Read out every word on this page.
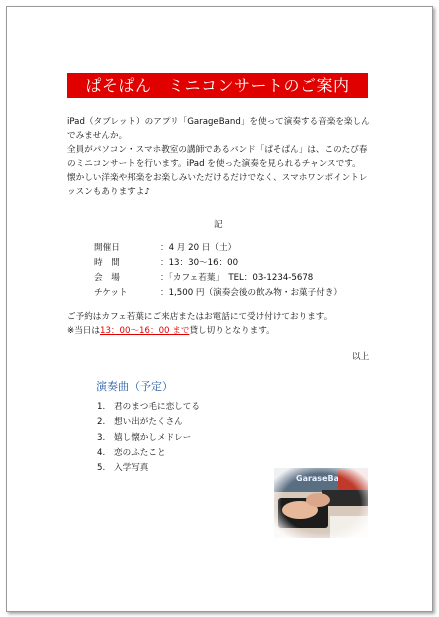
ぱそぱん　ミニコンサートのご案内

iPad（タブレット）のアプリ「GarageBand」を使って演奏する音楽を楽しんでみませんか。

全員がパソコン・スマホ教室の講師であるバンド「ぱそぱん」は、このたび春のミニコンサートを行います。iPad を使った演奏を見られるチャンスです。

懐かしい洋楽や邦楽をお楽しみいただけるだけでなく、スマホワンポイントレッスンもありますよ♪

記
開催日	：4 月 20 日（土）
時　間	：13：30～16：00
会　場	：「カフェ若葉」　TEL：03-1234-5678
チケット	：1,500 円（演奏会後の飲み物・お菓子付き）

ご予約はカフェ若葉にご来店またはお電話にて受け付けております。

※当日は13：00～16：00 まで貸し切りとなります。

以上
演奏曲（予定）
1. 君のまつ毛に恋してる
2. 想い出がたくさん
3. 嬉し懐かしメドレー
4. 恋のふたこと
5. 入学写真
